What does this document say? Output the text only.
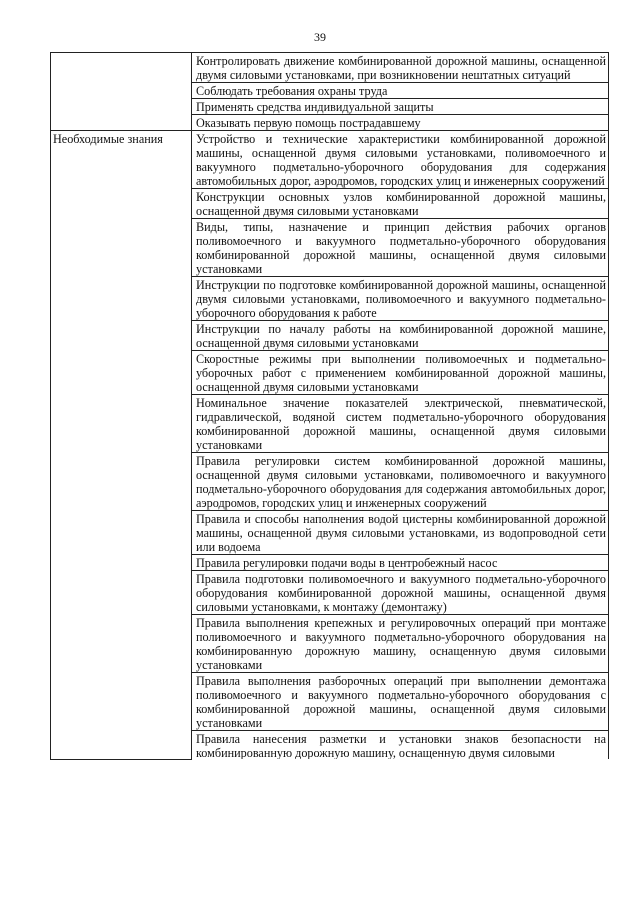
39

	Контролировать движение комбинированной дорожной машины, оснащенной двумя силовыми установками, при возникновении нештатных ситуаций

	Соблюдать требования охраны труда

	Применять средства индивидуальной защиты

	Оказывать первую помощь пострадавшему

Необходимые знания	Устройство и технические характеристики комбинированной дорожной машины, оснащенной двумя силовыми установками, поливомоечного и вакуумного подметально-уборочного оборудования для содержания автомобильных дорог, аэродромов, городских улиц и инженерных сооружений

	Конструкции основных узлов комбинированной дорожной машины, оснащенной двумя силовыми установками

	Виды, типы, назначение и принцип действия рабочих органов поливомоечного и вакуумного подметально-уборочного оборудования комбинированной дорожной машины, оснащенной двумя силовыми установками

	Инструкции по подготовке комбинированной дорожной машины, оснащенной двумя силовыми установками, поливомоечного и вакуумного подметально-уборочного оборудования к работе

	Инструкции по началу работы на комбинированной дорожной машине, оснащенной двумя силовыми установками

	Скоростные режимы при выполнении поливомоечных и подметально-уборочных работ с применением комбинированной дорожной машины, оснащенной двумя силовыми установками

	Номинальное значение показателей электрической, пневматической, гидравлической, водяной систем подметально-уборочного оборудования комбинированной дорожной машины, оснащенной двумя силовыми установками

	Правила регулировки систем комбинированной дорожной машины, оснащенной двумя силовыми установками, поливомоечного и вакуумного подметально-уборочного оборудования для содержания автомобильных дорог, аэродромов, городских улиц и инженерных сооружений

	Правила и способы наполнения водой цистерны комбинированной дорожной машины, оснащенной двумя силовыми установками, из водопроводной сети или водоема

	Правила регулировки подачи воды в центробежный насос

	Правила подготовки поливомоечного и вакуумного подметально-уборочного оборудования комбинированной дорожной машины, оснащенной двумя силовыми установками, к монтажу (демонтажу)

	Правила выполнения крепежных и регулировочных операций при монтаже поливомоечного и вакуумного подметально-уборочного оборудования на комбинированную дорожную машину, оснащенную двумя силовыми установками

	Правила выполнения разборочных операций при выполнении демонтажа поливомоечного и вакуумного подметально-уборочного оборудования с комбинированной дорожной машины, оснащенной двумя силовыми установками

	Правила нанесения разметки и установки знаков безопасности на комбинированную дорожную машину, оснащенную двумя силовыми
